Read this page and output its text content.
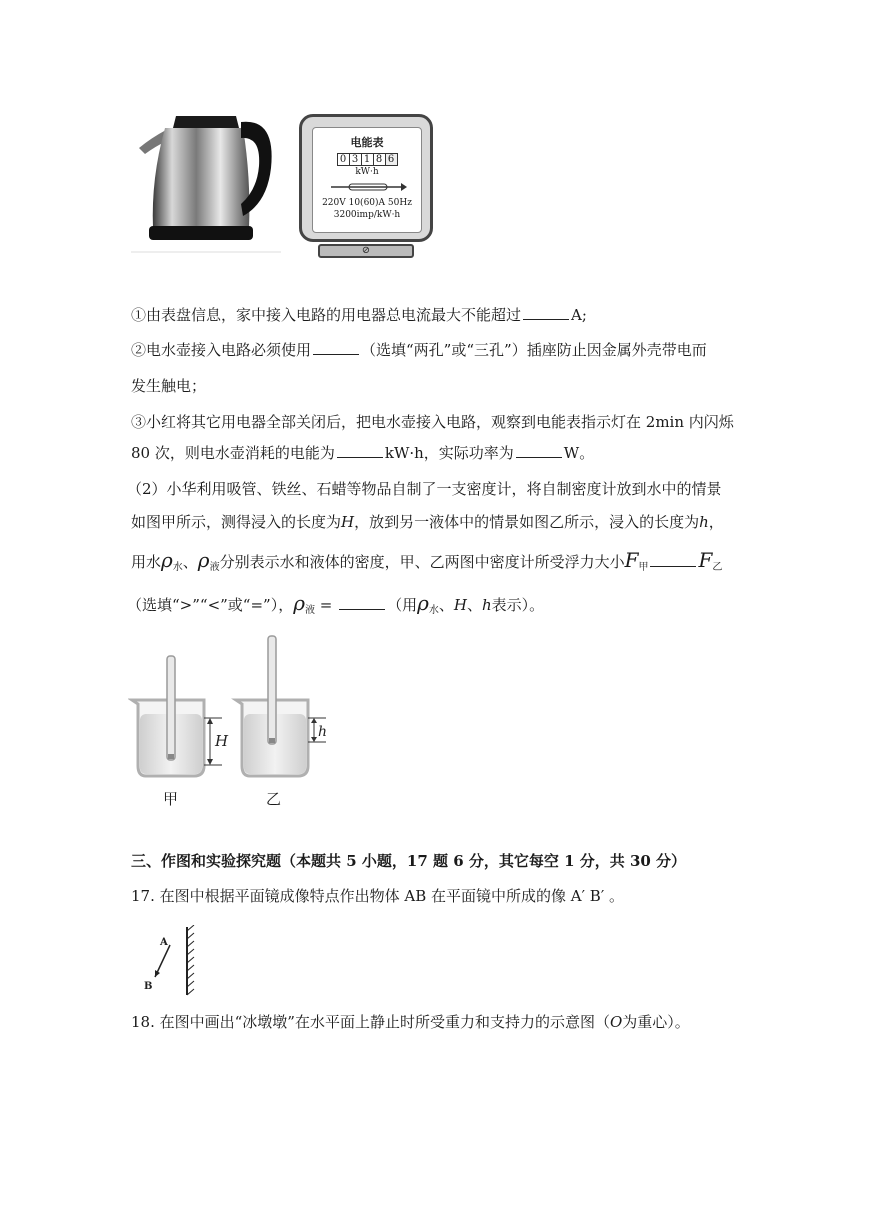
电能表
0 3 1 8 6
kW·h
220V 10(60)A 50Hz
3200imp/kW·h
⊘
①由表盘信息，家中接入电路的用电器总电流最大不能超过	A;
②电水壶接入电路必须使用	（选填“两孔”或“三孔”）插座防止因金属外壳带电而
发生触电；
③小红将其它用电器全部关闭后，把电水壶接入电路，观察到电能表指示灯在 2min 内闪烁
80 次，则电水壶消耗的电能为	kW·h，实际功率为	W。
（2）小华利用吸管、铁丝、石蜡等物品自制了一支密度计，将自制密度计放到水中的情景
如图甲所示，测得浸入的长度为H，放到另一液体中的情景如图乙所示，浸入的长度为h，
用水$\rho_水$、$\rho_液$分别表示水和液体的密度，甲、乙两图中密度计所受浮力大小$F_甲$	$F_乙$
（选填“>”“<”或“=”），$\rho_液$ =	（用$\rho_水$、H、h表示）。
H	h
甲	乙
三、作图和实验探究题（本题共 5 小题，17 题 6 分，其它每空 1 分，共 30 分）
17. 在图中根据平面镜成像特点作出物体 AB 在平面镜中所成的像 A′ B′ 。
A
B
18. 在图中画出“冰墩墩”在水平面上静止时所受重力和支持力的示意图（O为重心）。
